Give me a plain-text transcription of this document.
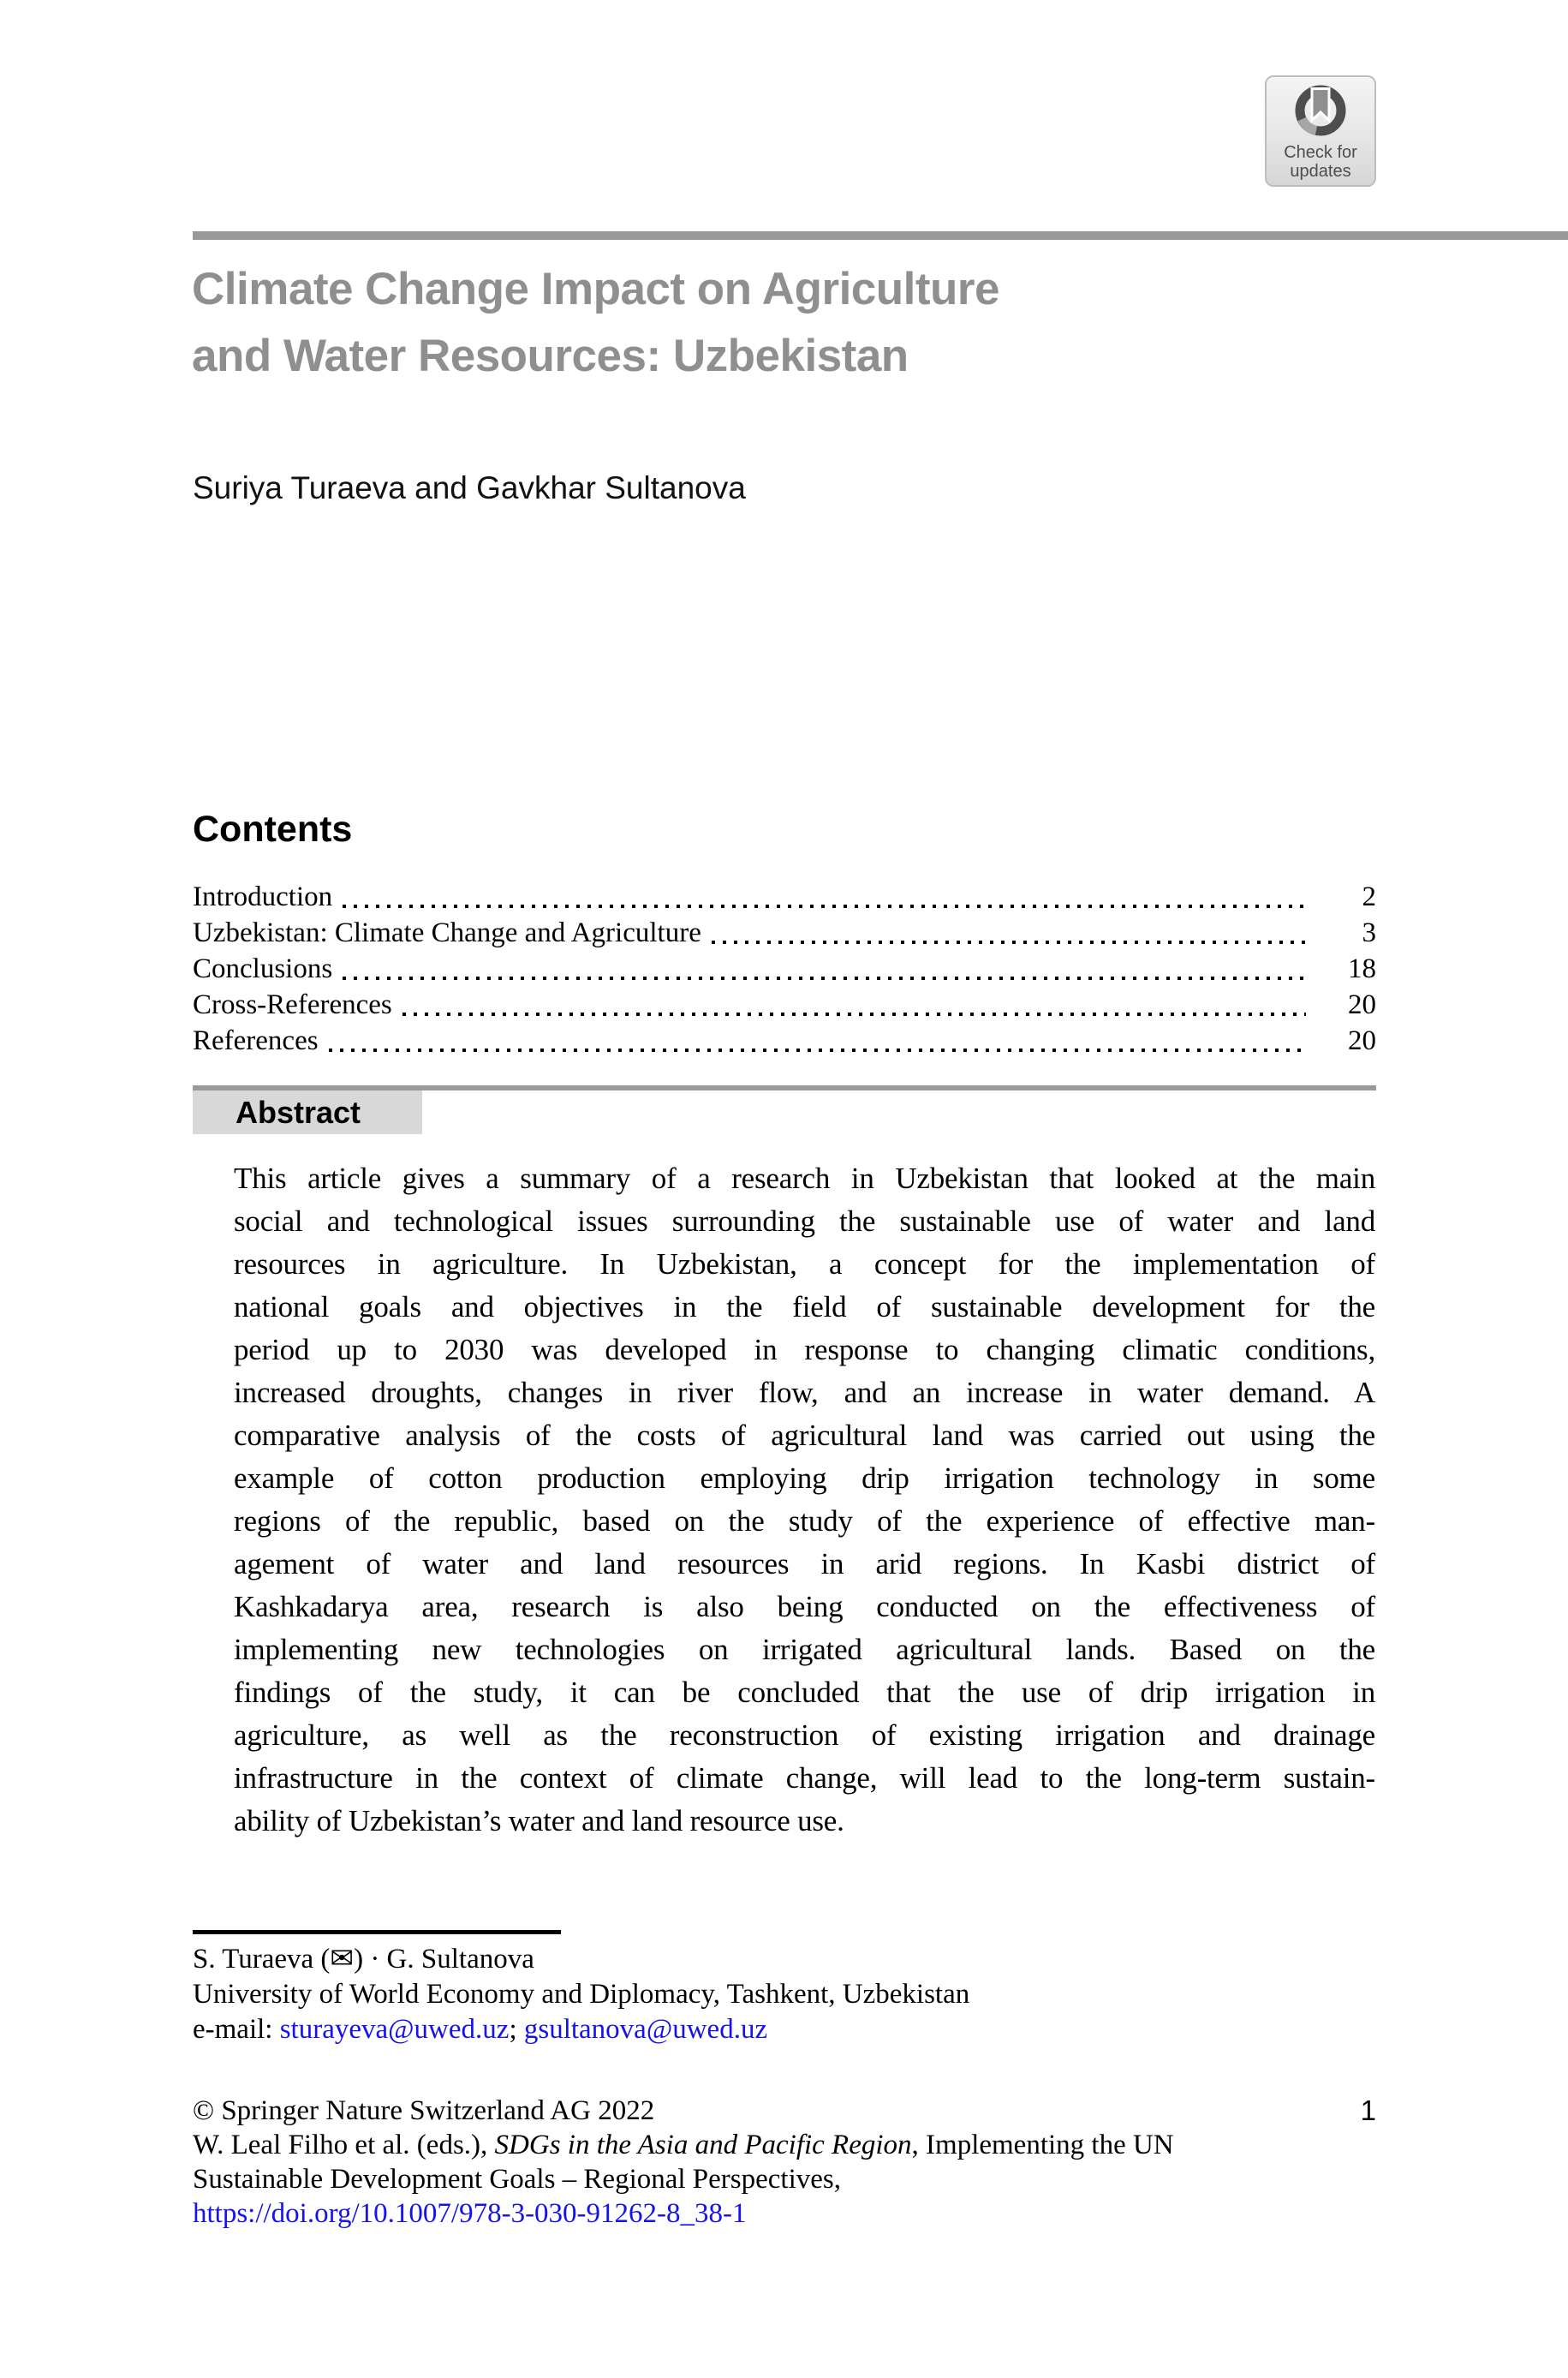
Check for
updates
Climate Change Impact on Agriculture
and Water Resources: Uzbekistan
Suriya Turaeva and Gavkhar Sultanova
Contents
Introduction	2
Uzbekistan: Climate Change and Agriculture	3
Conclusions	18
Cross-References	20
References	20
Abstract
This article gives a summary of a research in Uzbekistan that looked at the main
social and technological issues surrounding the sustainable use of water and land
resources in agriculture. In Uzbekistan, a concept for the implementation of
national goals and objectives in the field of sustainable development for the
period up to 2030 was developed in response to changing climatic conditions,
increased droughts, changes in river flow, and an increase in water demand. A
comparative analysis of the costs of agricultural land was carried out using the
example of cotton production employing drip irrigation technology in some
regions of the republic, based on the study of the experience of effective man-
agement of water and land resources in arid regions. In Kasbi district of
Kashkadarya area, research is also being conducted on the effectiveness of
implementing new technologies on irrigated agricultural lands. Based on the
findings of the study, it can be concluded that the use of drip irrigation in
agriculture, as well as the reconstruction of existing irrigation and drainage
infrastructure in the context of climate change, will lead to the long-term sustain-
ability of Uzbekistan’s water and land resource use.
S. Turaeva (✉) · G. Sultanova
University of World Economy and Diplomacy, Tashkent, Uzbekistan
e-mail: sturayeva@uwed.uz; gsultanova@uwed.uz
© Springer Nature Switzerland AG 2022	1
W. Leal Filho et al. (eds.), SDGs in the Asia and Pacific Region, Implementing the UN
Sustainable Development Goals – Regional Perspectives,
https://doi.org/10.1007/978-3-030-91262-8_38-1
